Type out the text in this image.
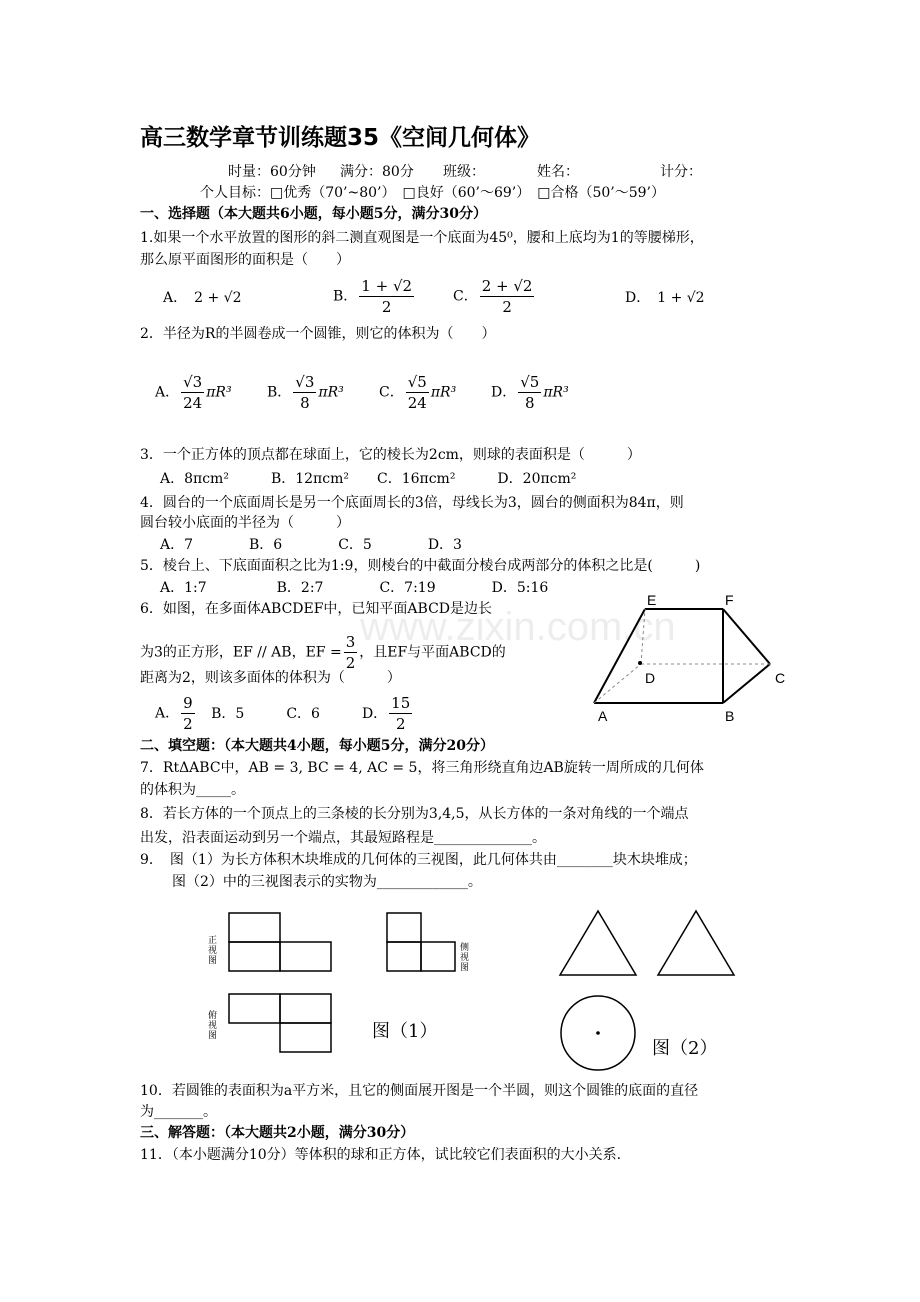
高三数学章节训练题35《空间几何体》
时量：60分钟 满分：80分 班级：	姓名：	计分：
个人目标：□优秀（70’~80’）　□良好（60’～69’）　□合格（50’～59’）
一、选择题（本大题共6小题，每小题5分，满分30分）
1.如果一个水平放置的图形的斜二测直观图是一个底面为45⁰，腰和上底均为1的等腰梯形，
那么原平面图形的面积是（　　）
A．　2 + √2	B． $\frac{1 + √2}{2}$	C． $\frac{2 + √2}{2}$	D．　1 + √2
2．半径为R的半圆卷成一个圆锥，则它的体积为（　　）
A． $\frac{√3}{24} \pi R^3$	B． $\frac{√3}{8} \pi R^3$	C． $\frac{√5}{24} \pi R^3$ D． $\frac{√5}{8} \pi R^3$
3．一个正方体的顶点都在球面上，它的棱长为2cm，则球的表面积是（　　　）
A．8πcm²　　　B．12πcm²　　C．16πcm²　　　D．20πcm²
4．圆台的一个底面周长是另一个底面周长的3倍，母线长为3，圆台的侧面积为84π，则
圆台较小底面的半径为（　　　）
A．7　　　　B．6　　　　C．5　　　　D．3
5．棱台上、下底面面积之比为1:9，则棱台的中截面分棱台成两部分的体积之比是(　　　)
A．1:7　　　　　B．2:7　　　　C．7:19　　　　D．5:16
6．如图，在多面体ABCDEF中，已知平面ABCD是边长
为3的正方形，EF // AB，EF = $\frac{3}{2}$ ，且EF与平面ABCD的
距离为2，则该多面体的体积为（　　　）
A． $\frac{9}{2}$ B．5　　　C．6　　　D． $\frac{15}{2}$
E	F
D	C
A	B
二、填空题：（本大题共4小题，每小题5分，满分20分）
7．RtΔABC中，AB = 3, BC = 4, AC = 5，将三角形绕直角边AB旋转一周所成的几何体
的体积为_____。
8．若长方体的一个顶点上的三条棱的长分别为3,4,5，从长方体的一条对角线的一个端点
出发，沿表面运动到另一个端点，其最短路程是______________。
9．　图（1）为长方体积木块堆成的几何体的三视图，此几何体共由________块木块堆成；
图（2）中的三视图表示的实物为_____________。
正视图
侧视图
俯视图	图（1）
图（2）
10．若圆锥的表面积为a平方米，且它的侧面展开图是一个半圆，则这个圆锥的底面的直径
为_______。
三、解答题：（本大题共2小题，满分30分）
11．（本小题满分10分）等体积的球和正方体，试比较它们表面积的大小关系.
www.zixin.com.cn
